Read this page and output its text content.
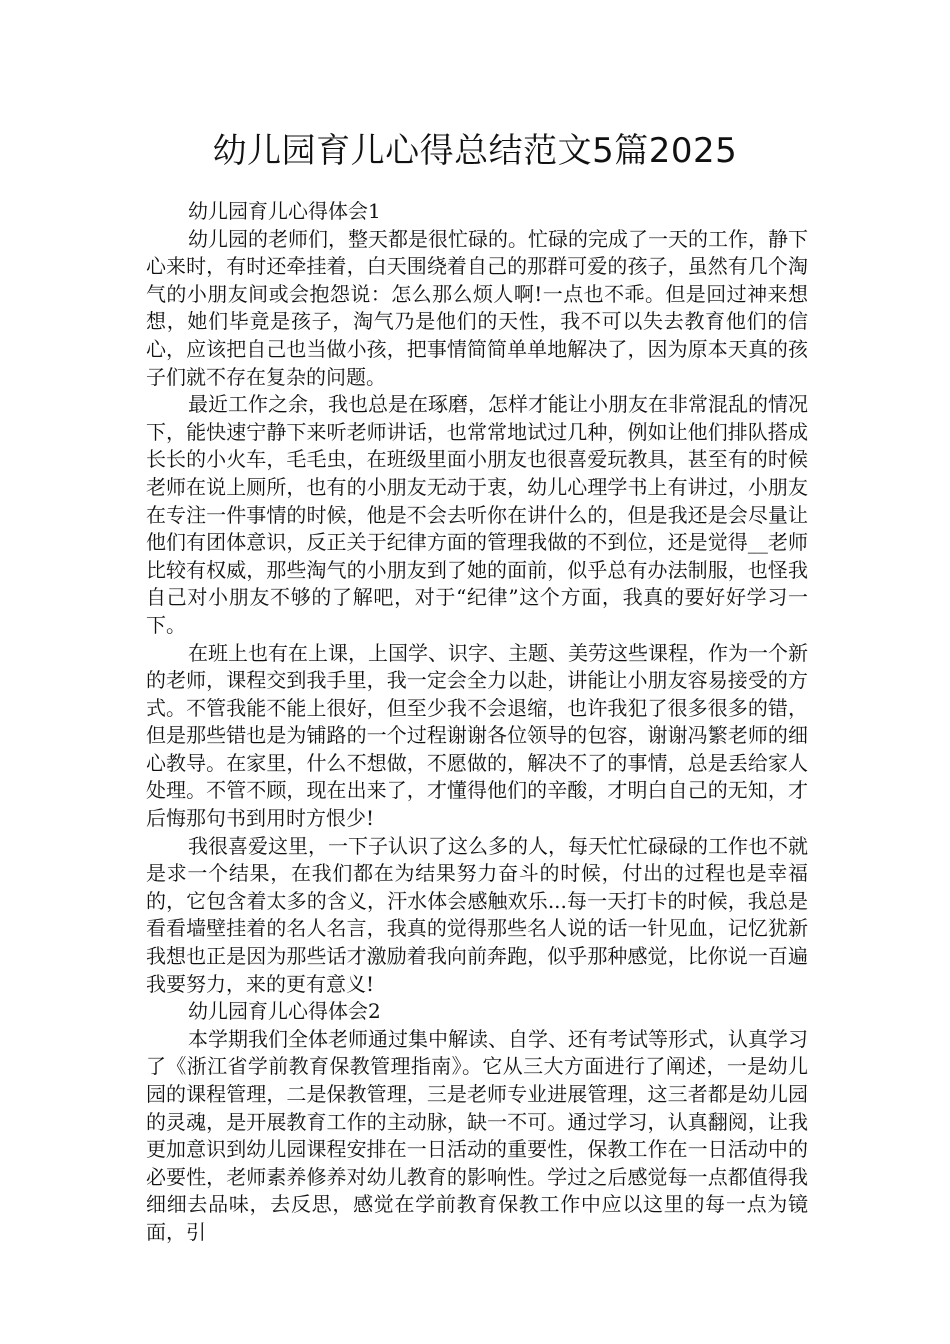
幼儿园育儿心得总结范文5篇2025

幼儿园育儿心得体会1

幼儿园的老师们，整天都是很忙碌的。忙碌的完成了一天的工作，静下心来时，有时还牵挂着，白天围绕着自己的那群可爱的孩子，虽然有几个淘气的小朋友间或会抱怨说：怎么那么烦人啊!一点也不乖。但是回过神来想想，她们毕竟是孩子，淘气乃是他们的天性，我不可以失去教育他们的信心，应该把自己也当做小孩，把事情简简单单地解决了，因为原本天真的孩子们就不存在复杂的问题。

最近工作之余，我也总是在琢磨，怎样才能让小朋友在非常混乱的情况下，能快速宁静下来听老师讲话，也常常地试过几种，例如让他们排队搭成长长的小火车，毛毛虫，在班级里面小朋友也很喜爱玩教具，甚至有的时候老师在说上厕所，也有的小朋友无动于衷，幼儿心理学书上有讲过，小朋友在专注一件事情的时候，他是不会去听你在讲什么的，但是我还是会尽量让他们有团体意识，反正关于纪律方面的管理我做的不到位，还是觉得__老师比较有权威，那些淘气的小朋友到了她的面前，似乎总有办法制服，也怪我自己对小朋友不够的了解吧，对于“纪律”这个方面，我真的要好好学习一下。

在班上也有在上课，上国学、识字、主题、美劳这些课程，作为一个新的老师，课程交到我手里，我一定会全力以赴，讲能让小朋友容易接受的方式。不管我能不能上很好，但至少我不会退缩，也许我犯了很多很多的错，但是那些错也是为铺路的一个过程谢谢各位领导的包容，谢谢冯繁老师的细心教导。在家里，什么不想做，不愿做的，解决不了的事情，总是丢给家人处理。不管不顾，现在出来了，才懂得他们的辛酸，才明白自己的无知，才后悔那句书到用时方恨少!

我很喜爱这里，一下子认识了这么多的人，每天忙忙碌碌的工作也不就是求一个结果，在我们都在为结果努力奋斗的时候，付出的过程也是幸福的，它包含着太多的含义，汗水体会感触欢乐...每一天打卡的时候，我总是看看墙壁挂着的名人名言，我真的觉得那些名人说的话一针见血，记忆犹新我想也正是因为那些话才激励着我向前奔跑，似乎那种感觉，比你说一百遍我要努力，来的更有意义!

幼儿园育儿心得体会2

本学期我们全体老师通过集中解读、自学、还有考试等形式，认真学习了《浙江省学前教育保教管理指南》。它从三大方面进行了阐述，一是幼儿园的课程管理，二是保教管理，三是老师专业进展管理，这三者都是幼儿园的灵魂，是开展教育工作的主动脉，缺一不可。通过学习，认真翻阅，让我更加意识到幼儿园课程安排在一日活动的重要性，保教工作在一日活动中的必要性，老师素养修养对幼儿教育的影响性。学过之后感觉每一点都值得我细细去品味，去反思，感觉在学前教育保教工作中应以这里的每一点为镜面，引
